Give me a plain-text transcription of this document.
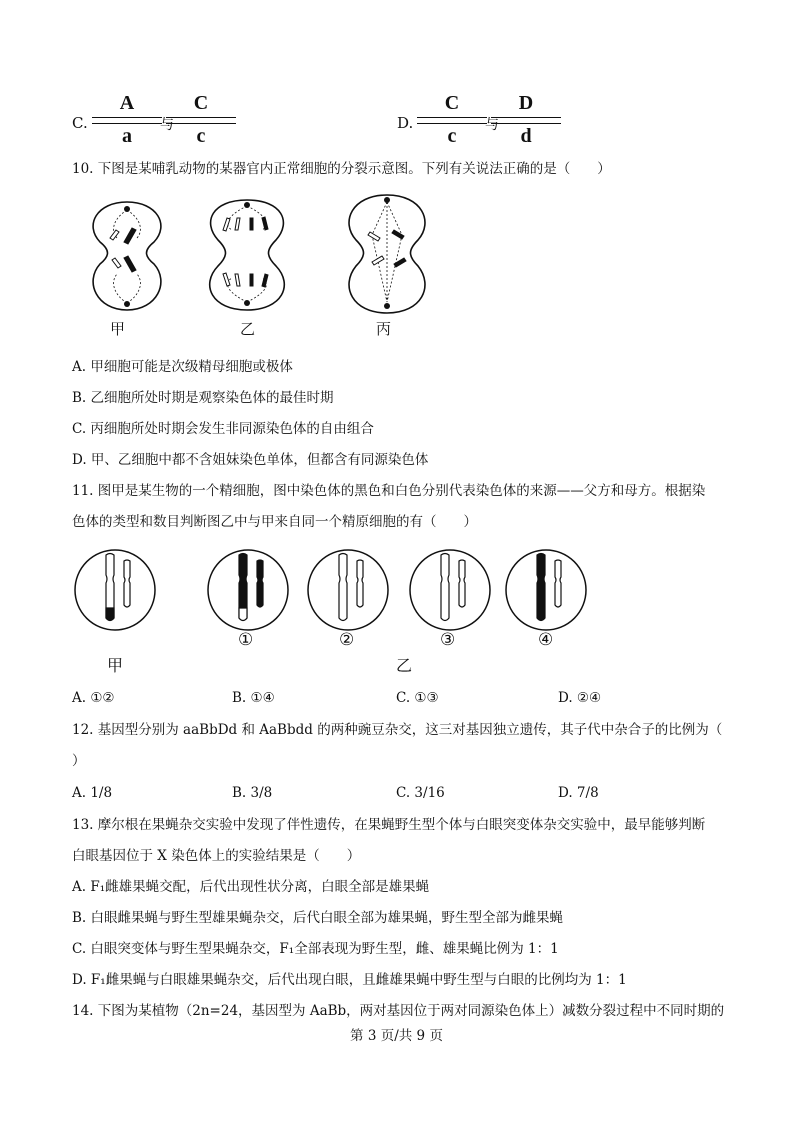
C.
A
a	与
C
c
D.
C
c	与
D
d
10. 下图是某哺乳动物的某器官内正常细胞的分裂示意图。下列有关说法正确的是（　　）
甲	乙	丙
A. 甲细胞可能是次级精母细胞或极体
B. 乙细胞所处时期是观察染色体的最佳时期
C. 丙细胞所处时期会发生非同源染色体的自由组合
D. 甲、乙细胞中都不含姐妹染色单体，但都含有同源染色体
11. 图甲是某生物的一个精细胞，图中染色体的黑色和白色分别代表染色体的来源——父方和母方。根据染
色体的类型和数目判断图乙中与甲来自同一个精原细胞的有（　　）
①	②	③	④
甲	乙
A. ①②	B. ①④	C. ①③	D. ②④
12. 基因型分别为 aaBbDd 和 AaBbdd 的两种豌豆杂交，这三对基因独立遗传，其子代中杂合子的比例为（
）
A. 1/8	B. 3/8	C. 3/16	D. 7/8
13. 摩尔根在果蝇杂交实验中发现了伴性遗传，在果蝇野生型个体与白眼突变体杂交实验中，最早能够判断
白眼基因位于 X 染色体上的实验结果是（　　）
A. F₁雌雄果蝇交配，后代出现性状分离，白眼全部是雄果蝇
B. 白眼雌果蝇与野生型雄果蝇杂交，后代白眼全部为雄果蝇，野生型全部为雌果蝇
C. 白眼突变体与野生型果蝇杂交，F₁全部表现为野生型，雌、雄果蝇比例为 1：1
D. F₁雌果蝇与白眼雄果蝇杂交，后代出现白眼，且雌雄果蝇中野生型与白眼的比例均为 1：1
14. 下图为某植物（2n=24，基因型为 AaBb，两对基因位于两对同源染色体上）减数分裂过程中不同时期的
第 3 页/共 9 页
